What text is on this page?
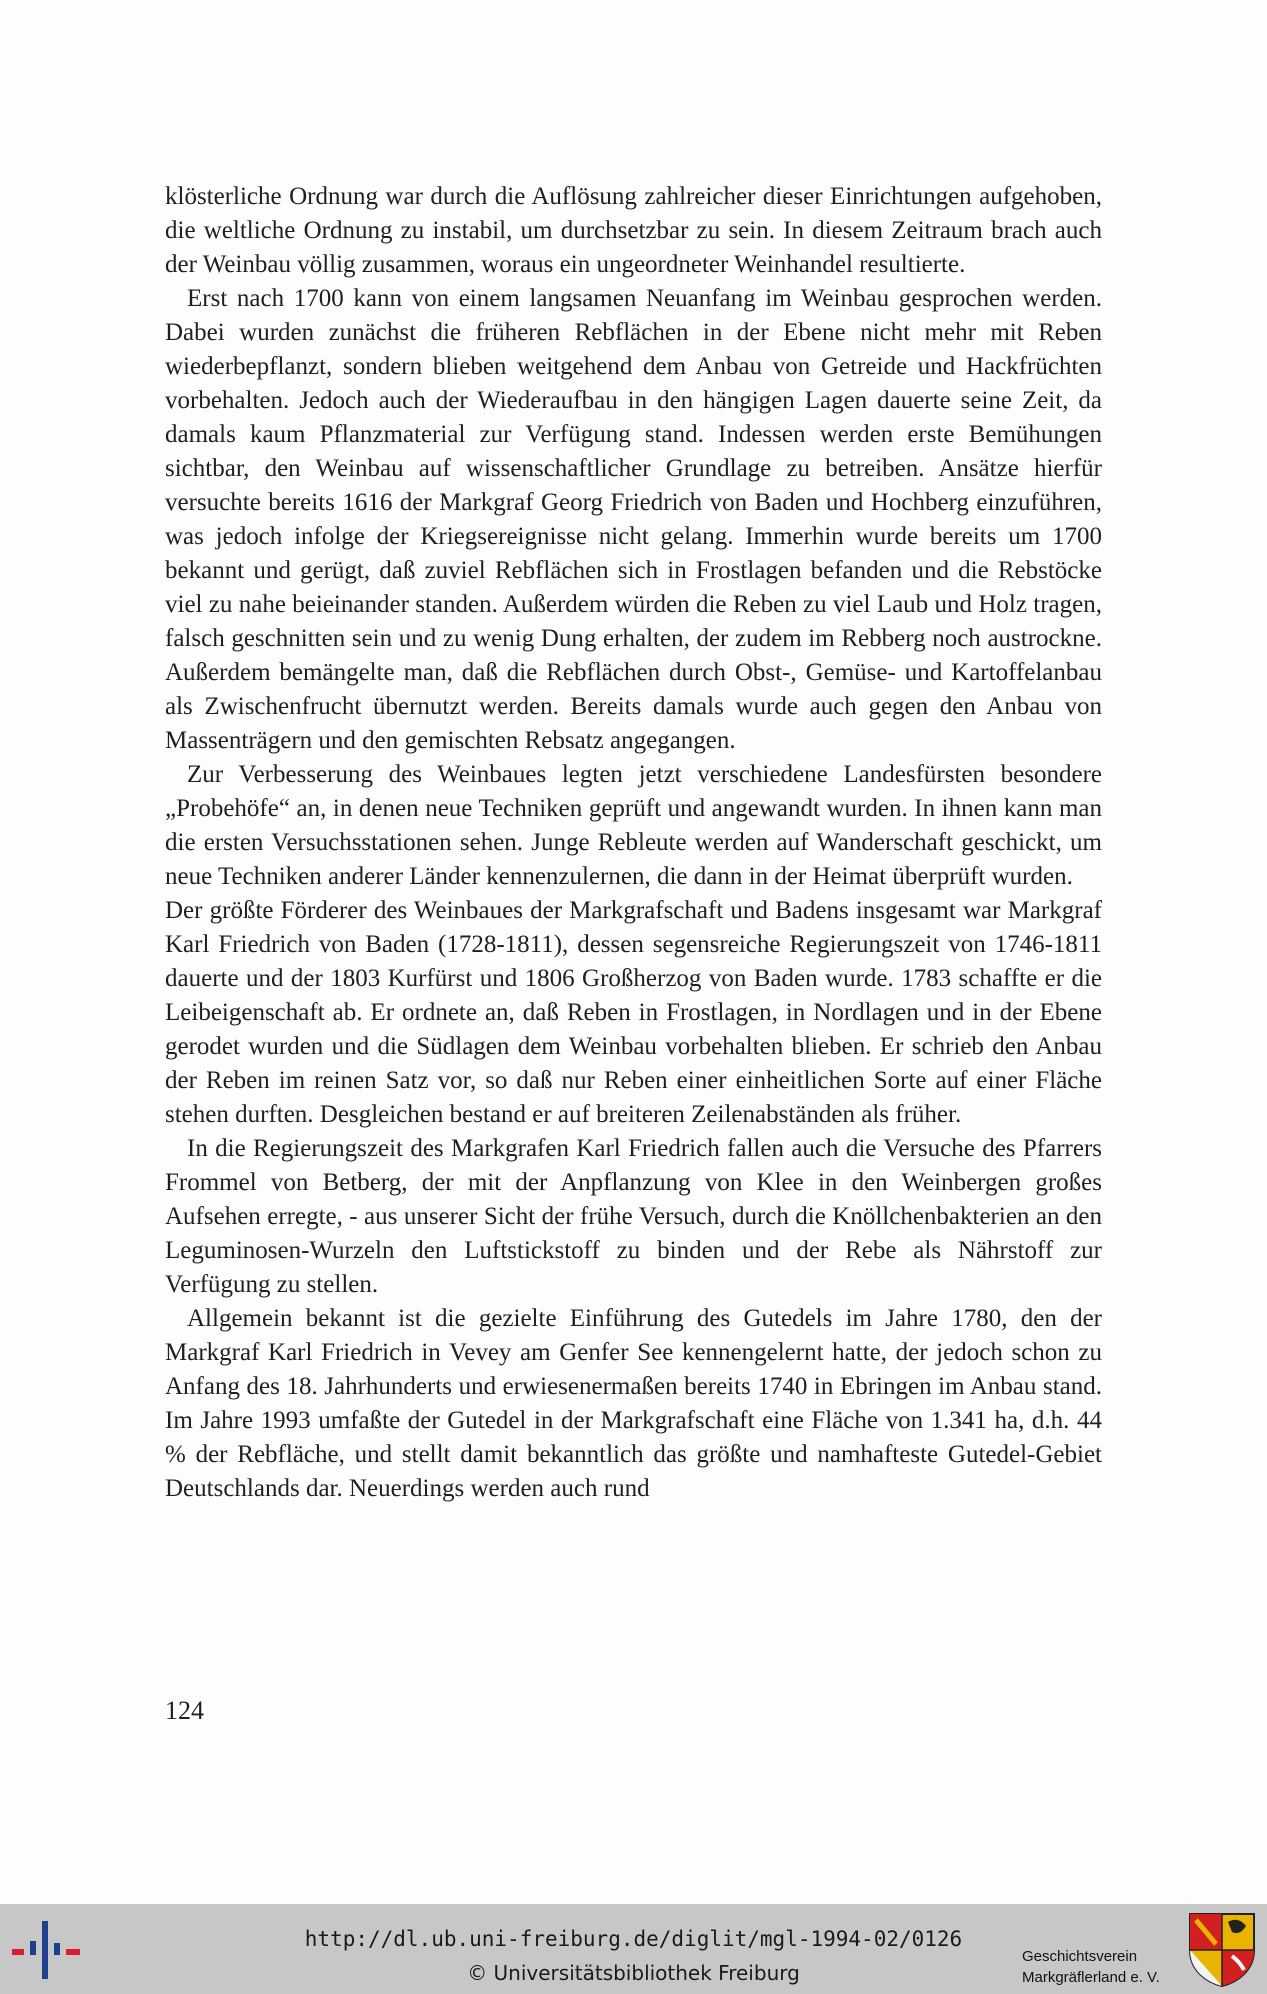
klösterliche Ordnung war durch die Auflösung zahlreicher dieser Einrichtungen aufgehoben, die weltliche Ordnung zu instabil, um durchsetzbar zu sein. In diesem Zeitraum brach auch der Weinbau völlig zusammen, woraus ein ungeordneter Weinhandel resultierte.

Erst nach 1700 kann von einem langsamen Neuanfang im Weinbau gesprochen werden. Dabei wurden zunächst die früheren Rebflächen in der Ebene nicht mehr mit Reben wiederbepflanzt, sondern blieben weitgehend dem Anbau von Getreide und Hackfrüchten vorbehalten. Jedoch auch der Wiederaufbau in den hängigen Lagen dauerte seine Zeit, da damals kaum Pflanzmaterial zur Verfügung stand. Indessen werden erste Bemühungen sichtbar, den Weinbau auf wissenschaftlicher Grundlage zu betreiben. Ansätze hierfür versuchte bereits 1616 der Markgraf Georg Friedrich von Baden und Hochberg einzuführen, was jedoch infolge der Kriegsereignisse nicht gelang. Immerhin wurde bereits um 1700 bekannt und gerügt, daß zuviel Rebflächen sich in Frostlagen befanden und die Rebstöcke viel zu nahe beieinander standen. Außerdem würden die Reben zu viel Laub und Holz tragen, falsch geschnitten sein und zu wenig Dung erhalten, der zudem im Rebberg noch austrockne. Außerdem bemängelte man, daß die Rebflächen durch Obst-, Gemüse- und Kartoffelanbau als Zwischenfrucht übernutzt werden. Bereits damals wurde auch gegen den Anbau von Massenträgern und den gemischten Rebsatz angegangen.

Zur Verbesserung des Weinbaues legten jetzt verschiedene Landesfürsten besondere „Probehöfe“ an, in denen neue Techniken geprüft und angewandt wurden. In ihnen kann man die ersten Versuchsstationen sehen. Junge Rebleute werden auf Wanderschaft geschickt, um neue Techniken anderer Länder kennenzulernen, die dann in der Heimat überprüft wurden.

Der größte Förderer des Weinbaues der Markgrafschaft und Badens insgesamt war Markgraf Karl Friedrich von Baden (1728-1811), dessen segensreiche Regierungszeit von 1746-1811 dauerte und der 1803 Kurfürst und 1806 Großherzog von Baden wurde. 1783 schaffte er die Leibeigenschaft ab. Er ordnete an, daß Reben in Frostlagen, in Nordlagen und in der Ebene gerodet wurden und die Südlagen dem Weinbau vorbehalten blieben. Er schrieb den Anbau der Reben im reinen Satz vor, so daß nur Reben einer einheitlichen Sorte auf einer Fläche stehen durften. Desgleichen bestand er auf breiteren Zeilenabständen als früher.

In die Regierungszeit des Markgrafen Karl Friedrich fallen auch die Versuche des Pfarrers Frommel von Betberg, der mit der Anpflanzung von Klee in den Weinbergen großes Aufsehen erregte, - aus unserer Sicht der frühe Versuch, durch die Knöllchenbakterien an den Leguminosen-Wurzeln den Luftstickstoff zu binden und der Rebe als Nährstoff zur Verfügung zu stellen.

Allgemein bekannt ist die gezielte Einführung des Gutedels im Jahre 1780, den der Markgraf Karl Friedrich in Vevey am Genfer See kennengelernt hatte, der jedoch schon zu Anfang des 18. Jahrhunderts und erwiesenermaßen bereits 1740 in Ebringen im Anbau stand. Im Jahre 1993 umfaßte der Gutedel in der Markgrafschaft eine Fläche von 1.341 ha, d.h. 44 % der Rebfläche, und stellt damit bekanntlich das größte und namhafteste Gutedel-Gebiet Deutschlands dar. Neuerdings werden auch rund

124
http://dl.ub.uni-freiburg.de/diglit/mgl-1994-02/0126
© Universitätsbibliothek Freiburg
Geschichtsverein
Markgräflerland e. V.
